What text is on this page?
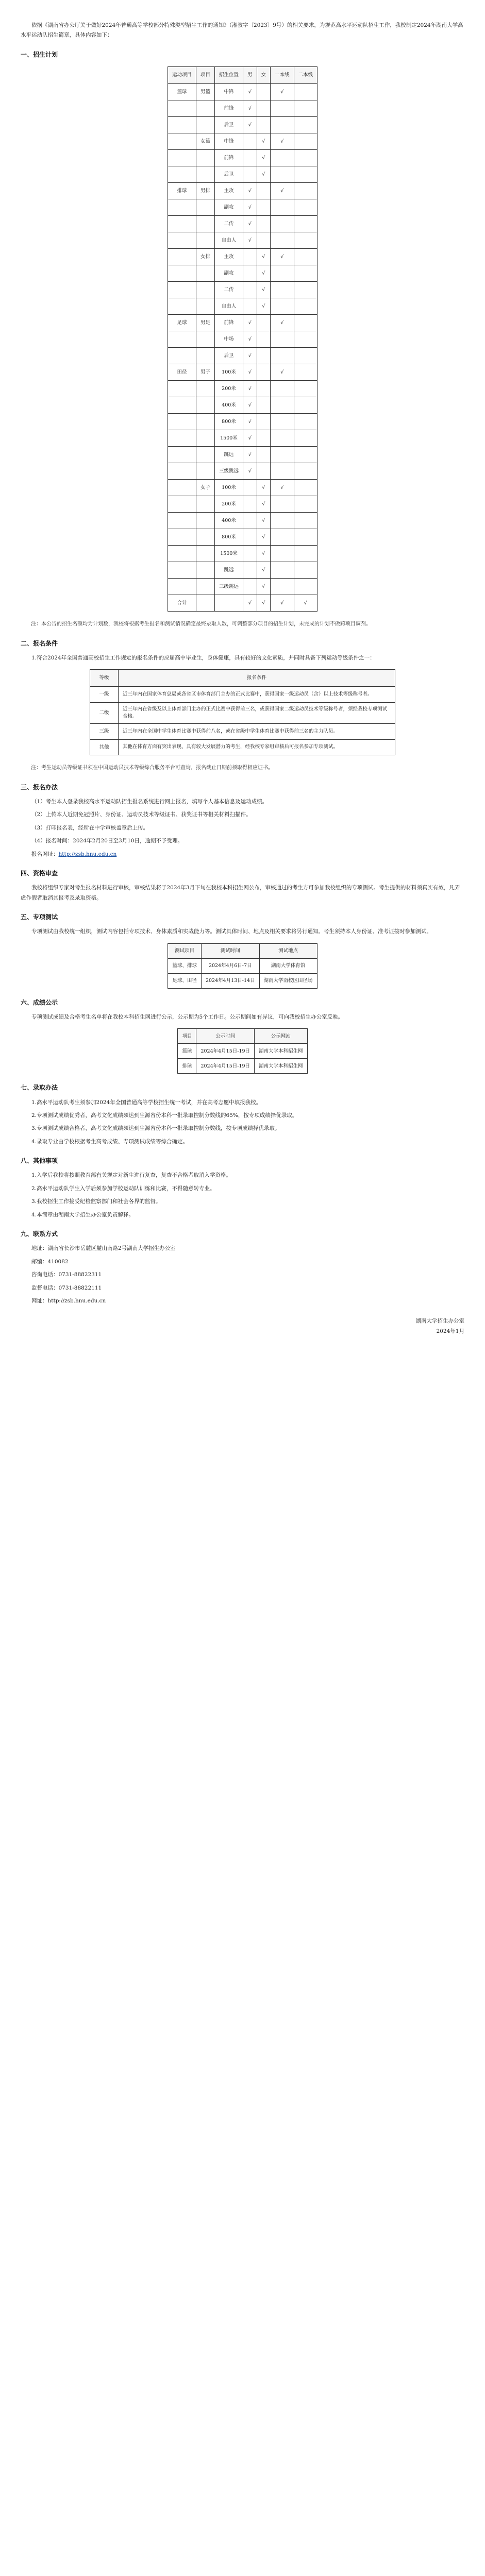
依据《湖南省办公厅关于做好2024年普通高等学校部分特殊类型招生工作的通知》（湘教字〔2023〕9号）的相关要求，为规范高水平运动队招生工作，我校制定2024年湖南大学高水平运动队招生简章，具体内容如下：

一、招生计划
运动项目	项目	招生位置	男	女	一本线	二本线
篮球	男篮	中锋	√		√	
		前锋	√			
		后卫	√			
	女篮	中锋		√	√	
		前锋		√		
		后卫		√		
排球	男排	主攻	√		√	
		副攻	√			
		二传	√			
		自由人	√			
	女排	主攻		√	√	
		副攻		√		
		二传		√		
		自由人		√		
足球	男足	前锋	√		√	
		中场	√			
		后卫	√			
田径	男子	100米	√		√	
		200米	√			
		400米	√			
		800米	√			
		1500米	√			
		跳远	√			
		三级跳远	√			
	女子	100米		√	√	
		200米		√		
		400米		√		
		800米		√		
		1500米		√		
		跳远		√		
		三级跳远		√		
合计			√	√	√	√

注：本公告的招生名额均为计划数，我校将根据考生报名和测试情况确定最终录取人数，可调整部分项目的招生计划，未完成的计划不做跨项目调剂。

二、报名条件

1.符合2024年全国普通高校招生工作规定的报名条件的应届高中毕业生，身体健康，具有较好的文化素质，并同时具备下列运动等级条件之一：

等级	报名条件
一级	近三年内在国家体育总局或各省区市体育部门主办的正式比赛中，获得国家一级运动员（含）以上技术等级称号者。
二级	近三年内在省级及以上体育部门主办的正式比赛中获得前三名，或获得国家二级运动员技术等级称号者，须经我校专项测试合格。
三级	近三年内在全国中学生体育比赛中获得前八名，或在省级中学生体育比赛中获得前三名的主力队员。
其他	其他在体育方面有突出表现、具有较大发展潜力的考生，经我校专家组审核后可报名参加专项测试。

注：考生运动员等级证书须在中国运动员技术等级综合服务平台可查询，报名截止日期前须取得相应证书。

三、报名办法

（1）考生本人登录我校高水平运动队招生报名系统进行网上报名，填写个人基本信息及运动成绩。

（2）上传本人近期免冠照片、身份证、运动员技术等级证书、获奖证书等相关材料扫描件。

（3）打印报名表，经所在中学审核盖章后上传。

（4）报名时间：2024年2月20日至3月10日，逾期不予受理。

报名网址：http://zsb.hnu.edu.cn

四、资格审查

我校将组织专家对考生报名材料进行审核，审核结果将于2024年3月下旬在我校本科招生网公布，审核通过的考生方可参加我校组织的专项测试。考生提供的材料须真实有效，凡弄虚作假者取消其报考及录取资格。

五、专项测试

专项测试由我校统一组织，测试内容包括专项技术、身体素质和实战能力等。测试具体时间、地点及相关要求将另行通知。考生须持本人身份证、准考证按时参加测试。

测试项目	测试时间	测试地点
篮球、排球	2024年4月6日-7日	湖南大学体育馆
足球、田径	2024年4月13日-14日	湖南大学南校区田径场
六、成绩公示

专项测试成绩及合格考生名单将在我校本科招生网进行公示，公示期为5个工作日。公示期间如有异议，可向我校招生办公室反映。

项目	公示时间	公示网站
篮球	2024年4月15日-19日	湖南大学本科招生网
排球	2024年4月15日-19日	湖南大学本科招生网
七、录取办法

1.高水平运动队考生须参加2024年全国普通高等学校招生统一考试，并在高考志愿中填报我校。

2.专项测试成绩优秀者，高考文化成绩须达到生源省份本科一批录取控制分数线的65%，按专项成绩择优录取。

3.专项测试成绩合格者，高考文化成绩须达到生源省份本科一批录取控制分数线，按专项成绩择优录取。

4.录取专业由学校根据考生高考成绩、专项测试成绩等综合确定。

八、其他事项

1.入学后我校将按照教育部有关规定对新生进行复查，复查不合格者取消入学资格。

2.高水平运动队学生入学后须参加学校运动队训练和比赛，不得随意转专业。

3.我校招生工作接受纪检监察部门和社会各界的监督。

4.本简章由湖南大学招生办公室负责解释。

九、联系方式

地址：湖南省长沙市岳麓区麓山南路2号湖南大学招生办公室

邮编：410082

咨询电话：0731-88822311

监督电话：0731-88822111

网址：http://zsb.hnu.edu.cn

湖南大学招生办公室
2024年1月
